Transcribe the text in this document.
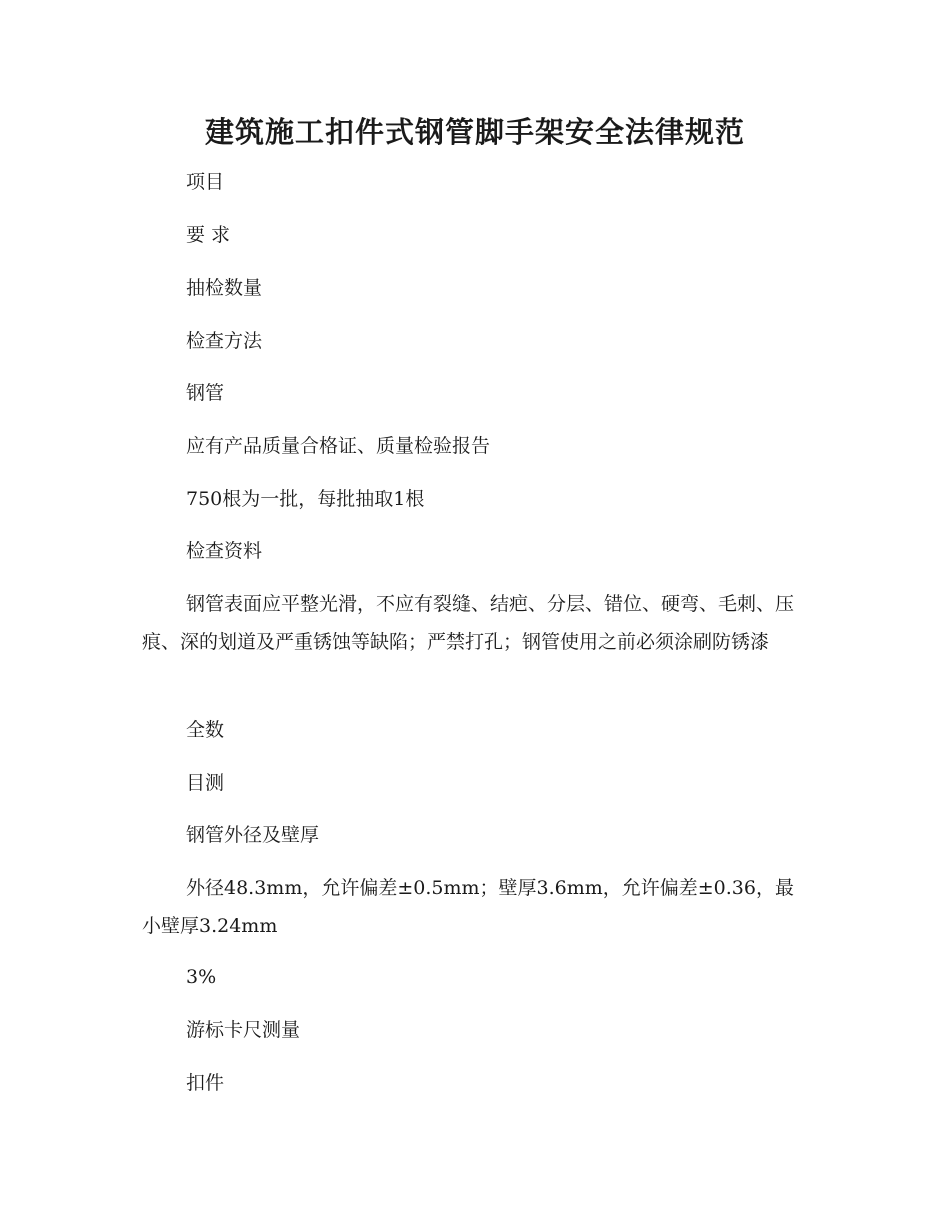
建筑施工扣件式钢管脚手架安全法律规范

项目

要 求

抽检数量

检查方法

钢管

应有产品质量合格证、质量检验报告

750根为一批，每批抽取1根

检查资料

钢管表面应平整光滑，不应有裂缝、结疤、分层、错位、硬弯、毛刺、压痕、深的划道及严重锈蚀等缺陷；严禁打孔；钢管使用之前必须涂刷防锈漆

全数

目测

钢管外径及壁厚

外径48.3mm，允许偏差±0.5mm；壁厚3.6mm，允许偏差±0.36，最小壁厚3.24mm

3%

游标卡尺测量

扣件
